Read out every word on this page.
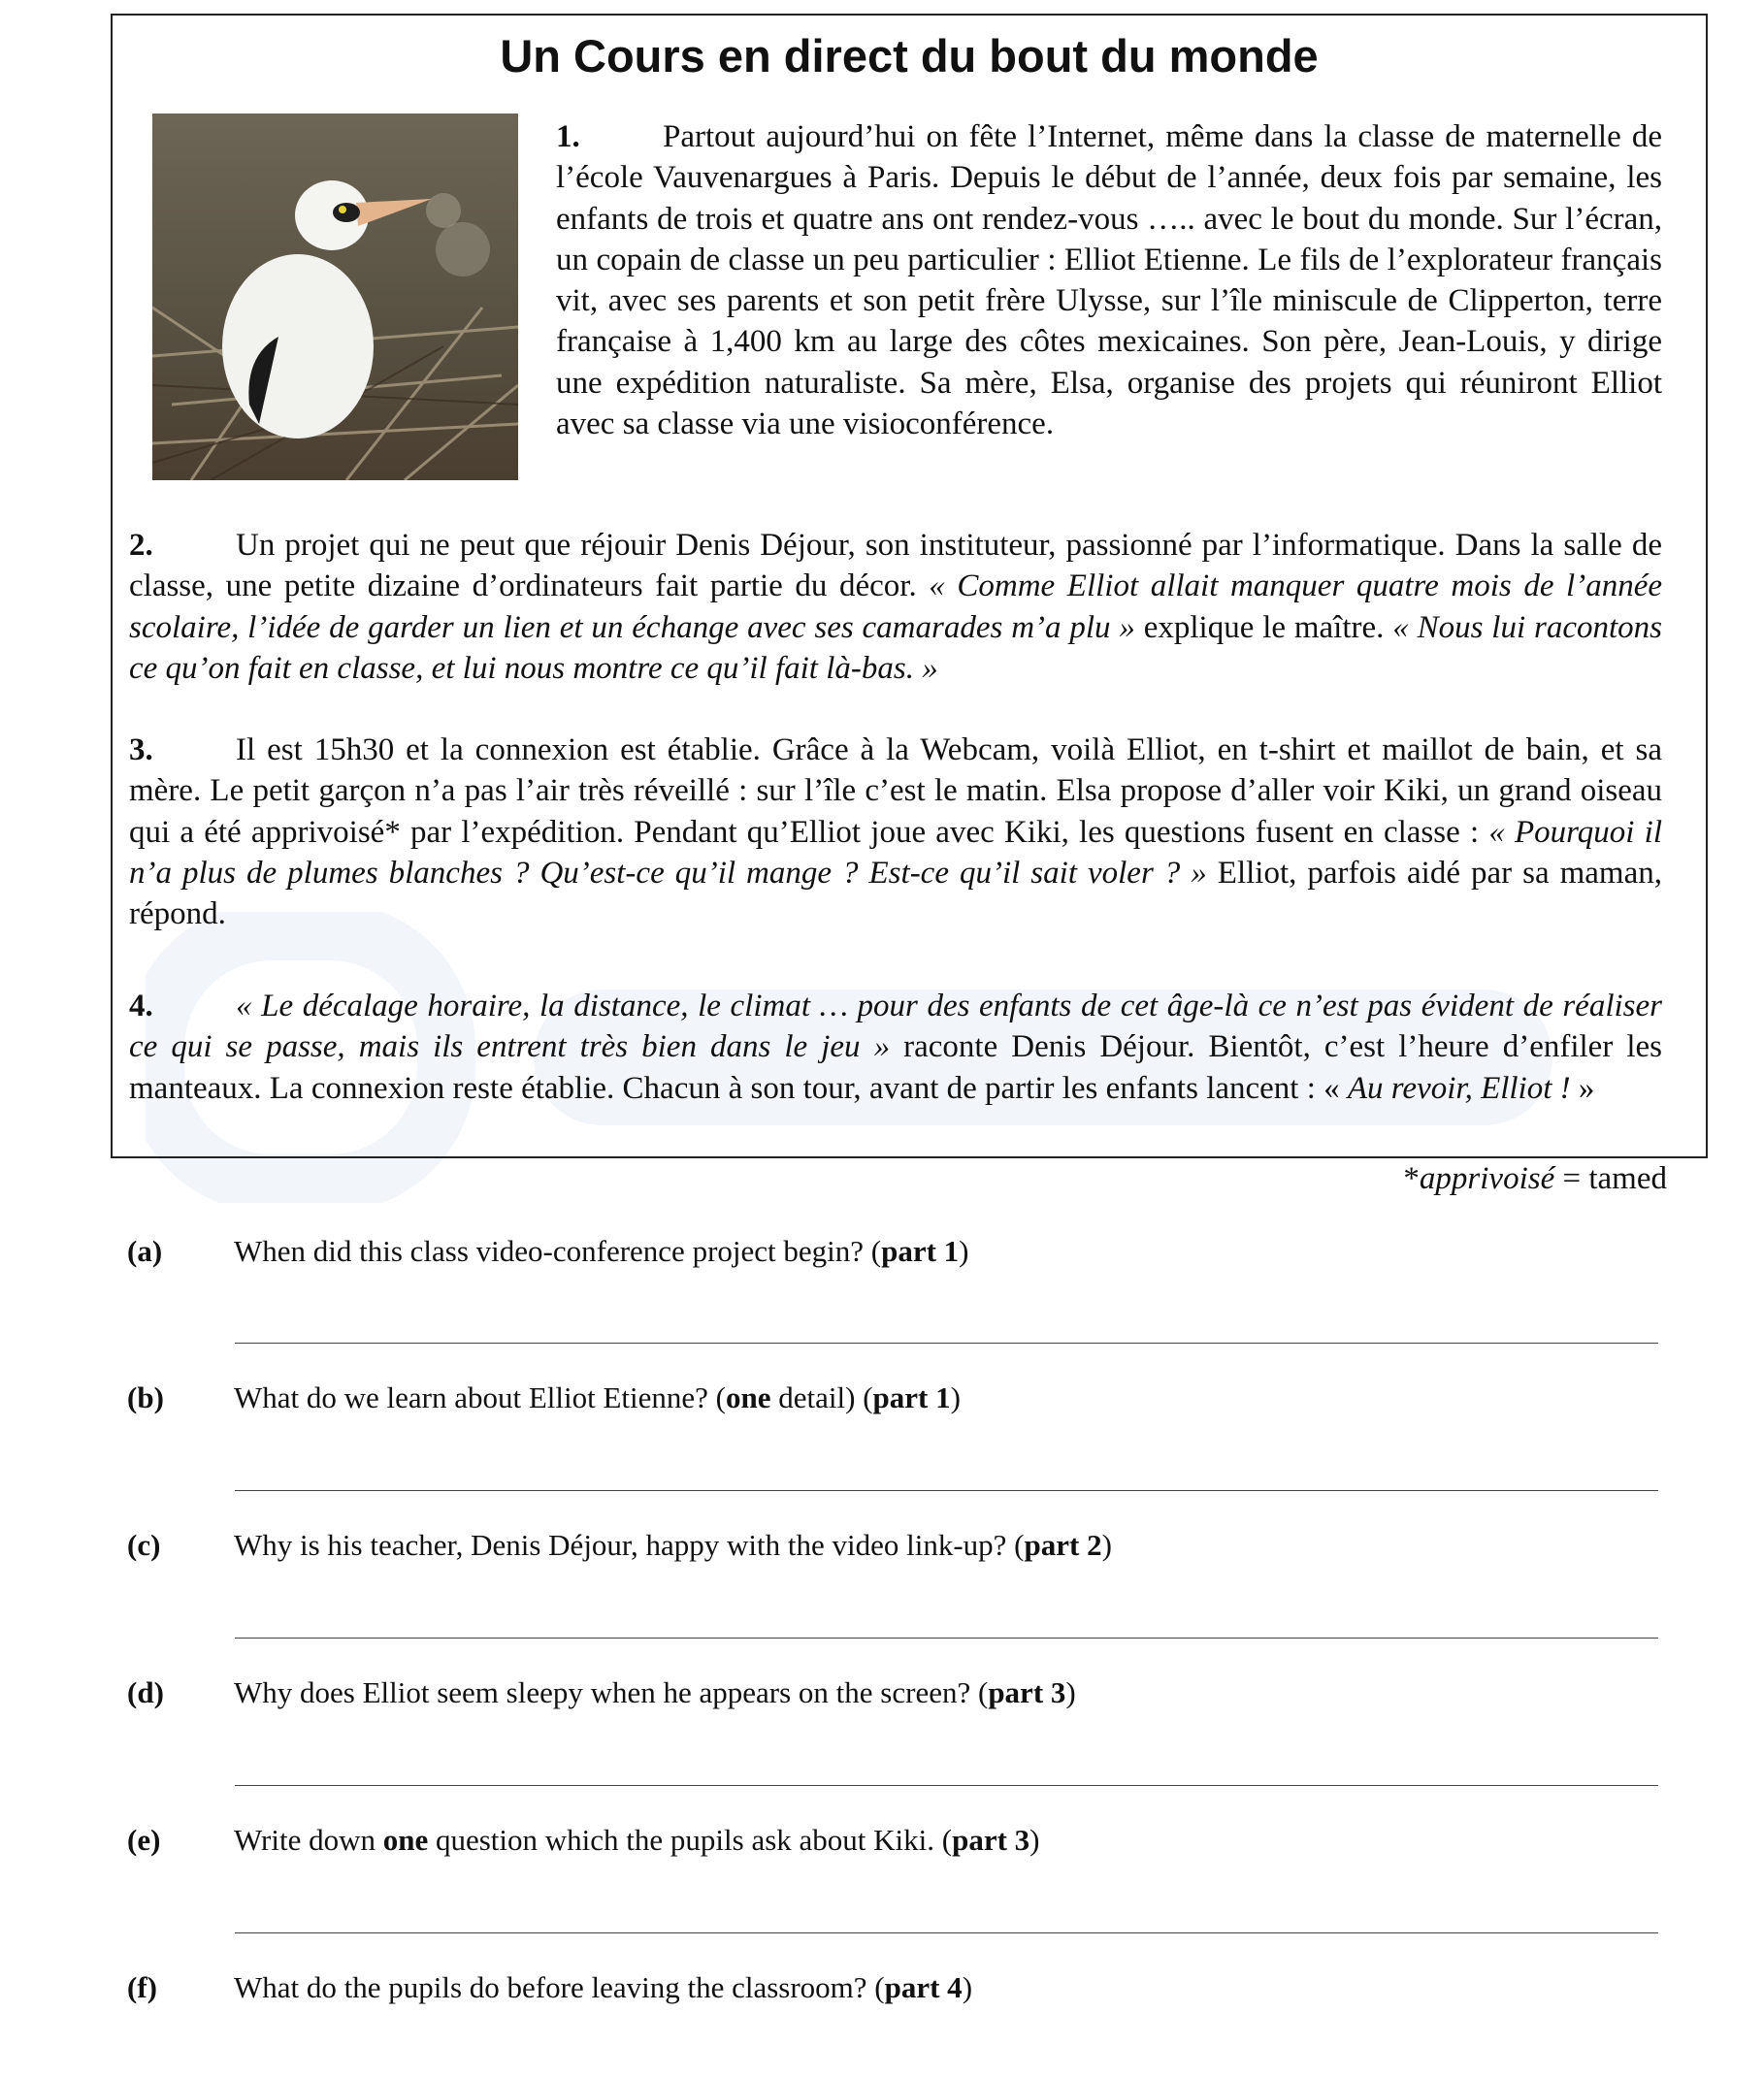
Un Cours en direct du bout du monde

1.	Partout aujourd’hui on fête l’Internet, même dans la classe de maternelle de l’école Vauvenargues à Paris. Depuis le début de l’année, deux fois par semaine, les enfants de trois et quatre ans ont rendez-vous ….. avec le bout du monde. Sur l’écran, un copain de classe un peu particulier : Elliot Etienne. Le fils de l’explorateur français vit, avec ses parents et son petit frère Ulysse, sur l’île miniscule de Clipperton, terre française à 1,400 km au large des côtes mexicaines. Son père, Jean-Louis, y dirige une expédition naturaliste. Sa mère, Elsa, organise des projets qui réuniront Elliot avec sa classe via une visioconférence.

2.	Un projet qui ne peut que réjouir Denis Déjour, son instituteur, passionné par l’informatique. Dans la salle de classe, une petite dizaine d’ordinateurs fait partie du décor. « Comme Elliot allait manquer quatre mois de l’année scolaire, l’idée de garder un lien et un échange avec ses camarades m’a plu » explique le maître. « Nous lui racontons ce qu’on fait en classe, et lui nous montre ce qu’il fait là-bas. »

3.	Il est 15h30 et la connexion est établie. Grâce à la Webcam, voilà Elliot, en t-shirt et maillot de bain, et sa mère. Le petit garçon n’a pas l’air très réveillé : sur l’île c’est le matin. Elsa propose d’aller voir Kiki, un grand oiseau qui a été apprivoisé* par l’expédition. Pendant qu’Elliot joue avec Kiki, les questions fusent en classe : « Pourquoi il n’a plus de plumes blanches ? Qu’est-ce qu’il mange ? Est-ce qu’il sait voler ? » Elliot, parfois aidé par sa maman, répond.

4.	« Le décalage horaire, la distance, le climat … pour des enfants de cet âge-là ce n’est pas évident de réaliser ce qui se passe, mais ils entrent très bien dans le jeu » raconte Denis Déjour. Bientôt, c’est l’heure d’enfiler les manteaux. La connexion reste établie. Chacun à son tour, avant de partir les enfants lancent : « Au revoir, Elliot ! »

*apprivoisé = tamed
(a) When did this class video-conference project begin? (part 1)
(b) What do we learn about Elliot Etienne? (one detail) (part 1)
(c) Why is his teacher, Denis Déjour, happy with the video link-up? (part 2)
(d) Why does Elliot seem sleepy when he appears on the screen? (part 3)
(e) Write down one question which the pupils ask about Kiki. (part 3)
(f)	What do the pupils do before leaving the classroom? (part 4)
